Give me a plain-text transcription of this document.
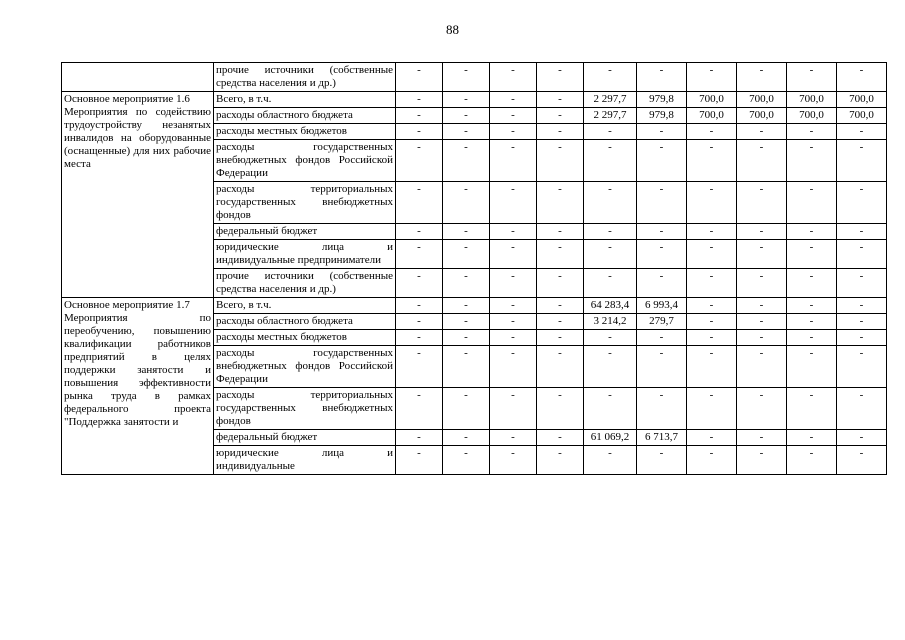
88
	прочие источники (собственные средства населения и др.)	-	-	-	-	-	-	-	-	-	-
Основное мероприятие 1.6
Мероприятия по содействию трудоустройству незанятых инвалидов на оборудованные (оснащенные) для них рабочие места	Всего, в т.ч.	-	-	-	-	2 297,7	979,8	700,0	700,0	700,0	700,0
	расходы областного бюджета	-	-	-	-	2 297,7	979,8	700,0	700,0	700,0	700,0
	расходы местных бюджетов	-	-	-	-	-	-	-	-	-	-
	расходы государственных внебюджетных фондов Российской Федерации	-	-	-	-	-	-	-	-	-	-
	расходы территориальных государственных внебюджетных фондов	-	-	-	-	-	-	-	-	-	-
	федеральный бюджет	-	-	-	-	-	-	-	-	-	-
	юридические лица и индивидуальные предприниматели	-	-	-	-	-	-	-	-	-	-
	прочие источники (собственные средства населения и др.)	-	-	-	-	-	-	-	-	-	-
Основное мероприятие 1.7
Мероприятия по переобучению, повышению квалификации работников предприятий в целях поддержки занятости и повышения эффективности рынка труда в рамках федерального проекта "Поддержка занятости и	Всего, в т.ч.	-	-	-	-	64 283,4	6 993,4	-	-	-	-
	расходы областного бюджета	-	-	-	-	3 214,2	279,7	-	-	-	-
	расходы местных бюджетов	-	-	-	-	-	-	-	-	-	-
	расходы государственных внебюджетных фондов Российской Федерации	-	-	-	-	-	-	-	-	-	-
	расходы территориальных государственных внебюджетных фондов	-	-	-	-	-	-	-	-	-	-
	федеральный бюджет	-	-	-	-	61 069,2	6 713,7	-	-	-	-
	юридические лица и индивидуальные	-	-	-	-	-	-	-	-	-	-
